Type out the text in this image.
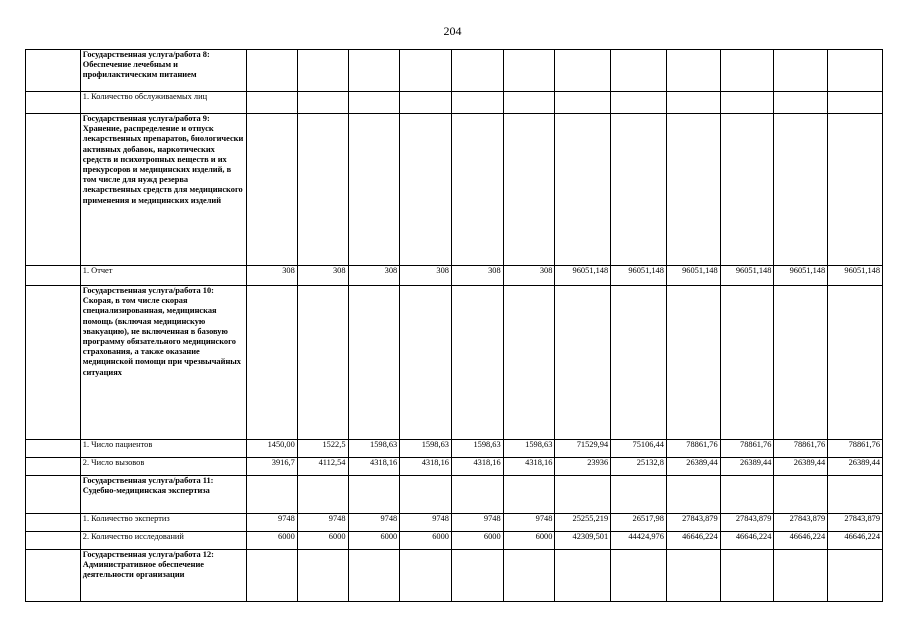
204
	Государственная услуга/работа 8: Обеспечение лечебным и профилактическим питанием												
	1. Количество обслуживаемых лиц												
	Государственная услуга/работа 9: Хранение, распределение и отпуск лекарственных препаратов, биологически активных добавок, наркотических средств и психотропных веществ и их прекурсоров и медицинских изделий, в том числе для нужд резерва лекарственных средств для медицинского применения и медицинских изделий												
	1. Отчет	308	308	308	308	308	308	96051,148	96051,148	96051,148	96051,148	96051,148	96051,148
	Государственная услуга/работа 10: Скорая, в том числе скорая специализированная, медицинская помощь (включая медицинскую эвакуацию), не включенная в базовую программу обязательного медицинского страхования, а также оказание медицинской помощи при чрезвычайных ситуациях												
	1. Число пациентов	1450,00	1522,5	1598,63	1598,63	1598,63	1598,63	71529,94	75106,44	78861,76	78861,76	78861,76	78861,76
	2. Число вызовов	3916,7	4112,54	4318,16	4318,16	4318,16	4318,16	23936	25132,8	26389,44	26389,44	26389,44	26389,44
	Государственная услуга/работа 11: Судебно-медицинская экспертиза												
	1. Количество экспертиз	9748	9748	9748	9748	9748	9748	25255,219	26517,98	27843,879	27843,879	27843,879	27843,879
	2. Количество исследований	6000	6000	6000	6000	6000	6000	42309,501	44424,976	46646,224	46646,224	46646,224	46646,224
	Государственная услуга/работа 12: Административное обеспечение деятельности организации												
